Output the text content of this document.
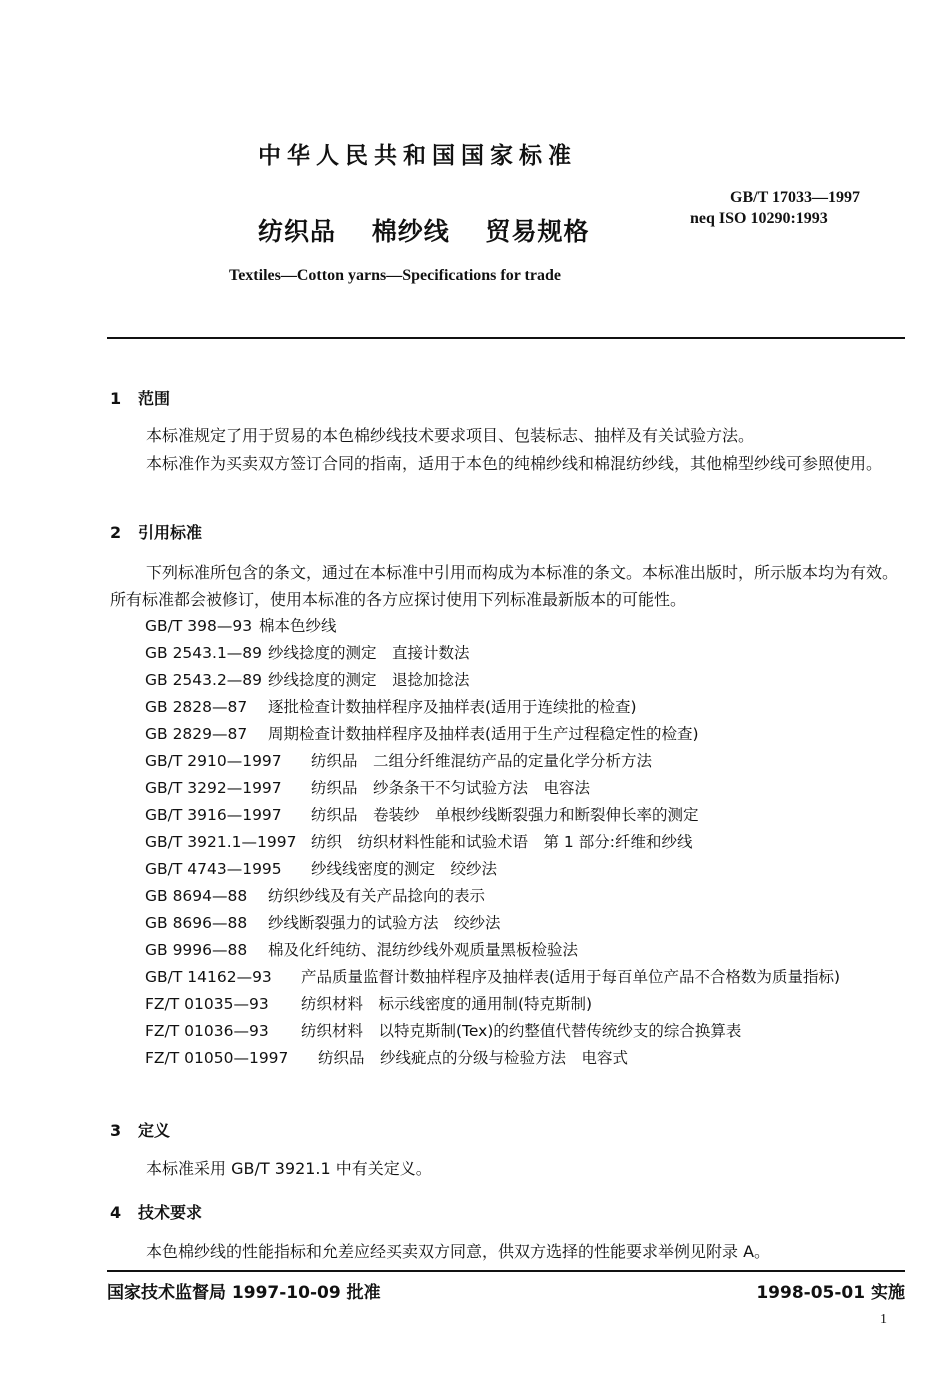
中华人民共和国国家标准
GB/T 17033—1997
neq ISO 10290:1993
纺织品 棉纱线 贸易规格
Textiles—Cotton yarns—Specifications for trade
1 范围
本标准规定了用于贸易的本色棉纱线技术要求项目、包装标志、抽样及有关试验方法。
本标准作为买卖双方签订合同的指南，适用于本色的纯棉纱线和棉混纺纱线，其他棉型纱线可参照使用。
2 引用标准
下列标准所包含的条文，通过在本标准中引用而构成为本标准的条文。本标准出版时，所示版本均为有效。所有标准都会被修订，使用本标准的各方应探讨使用下列标准最新版本的可能性。
GB/T 398—93 棉本色纱线
GB 2543.1—89 纱线捻度的测定　直接计数法
GB 2543.2—89 纱线捻度的测定　退捻加捻法
GB 2828—87	逐批检查计数抽样程序及抽样表(适用于连续批的检查)
GB 2829—87	周期检查计数抽样程序及抽样表(适用于生产过程稳定性的检查)
GB/T 2910—1997	纺织品　二组分纤维混纺产品的定量化学分析方法
GB/T 3292—1997	纺织品　纱条条干不匀试验方法　电容法
GB/T 3916—1997	纺织品　卷装纱　单根纱线断裂强力和断裂伸长率的测定
GB/T 3921.1—1997 纺织　纺织材料性能和试验术语　第 1 部分:纤维和纱线
GB/T 4743—1995	纱线线密度的测定　绞纱法
GB 8694—88	纺织纱线及有关产品捻向的表示
GB 8696—88	纱线断裂强力的试验方法　绞纱法
GB 9996—88	棉及化纤纯纺、混纺纱线外观质量黑板检验法
GB/T 14162—93	产品质量监督计数抽样程序及抽样表(适用于每百单位产品不合格数为质量指标)
FZ/T 01035—93	纺织材料　标示线密度的通用制(特克斯制)
FZ/T 01036—93	纺织材料　以特克斯制(Tex)的约整值代替传统纱支的综合换算表
FZ/T 01050—1997	纺织品　纱线疵点的分级与检验方法　电容式
3 定义
本标准采用 GB/T 3921.1 中有关定义。
4 技术要求
本色棉纱线的性能指标和允差应经买卖双方同意，供双方选择的性能要求举例见附录 A。
国家技术监督局 1997-10-09 批准	1998-05-01 实施
1
